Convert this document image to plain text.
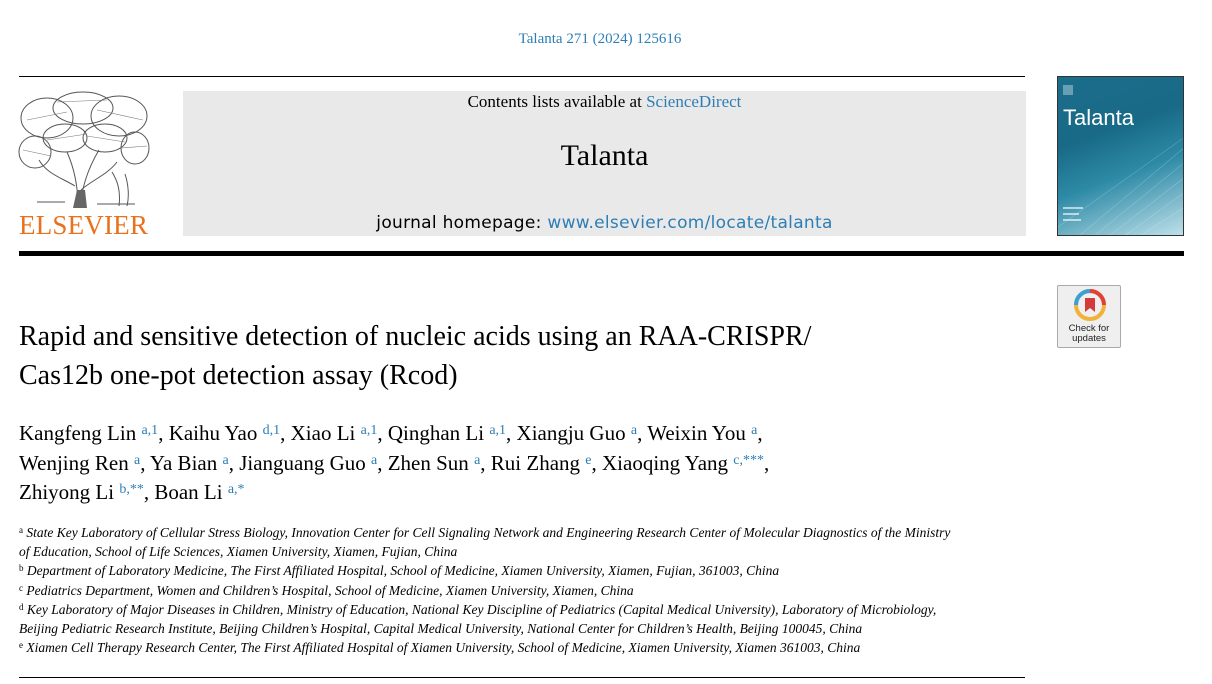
Talanta 271 (2024) 125616
ELSEVIER
Contents lists available at ScienceDirect
Talanta
journal homepage: www.elsevier.com/locate/talanta
Talanta
Check for
updates
Rapid and sensitive detection of nucleic acids using an RAA-CRISPR/
Cas12b one-pot detection assay (Rcod)
Kangfeng Lin $^{a,1}$, Kaihu Yao $^{d,1}$, Xiao Li $^{a,1}$, Qinghan Li $^{a,1}$, Xiangju Guo $^a$, Weixin You $^a$,
Wenjing Ren $^a$, Ya Bian $^a$, Jianguang Guo $^a$, Zhen Sun $^a$, Rui Zhang $^e$, Xiaoqing Yang $^{c,***}$,
Zhiyong Li $^{b,**}$, Boan Li $^{a,*}$
$^a$ State Key Laboratory of Cellular Stress Biology, Innovation Center for Cell Signaling Network and Engineering Research Center of Molecular Diagnostics of the Ministry
of Education, School of Life Sciences, Xiamen University, Xiamen, Fujian, China
$^b$ Department of Laboratory Medicine, The First Affiliated Hospital, School of Medicine, Xiamen University, Xiamen, Fujian, 361003, China
$^c$ Pediatrics Department, Women and Children’s Hospital, School of Medicine, Xiamen University, Xiamen, China
$^d$ Key Laboratory of Major Diseases in Children, Ministry of Education, National Key Discipline of Pediatrics (Capital Medical University), Laboratory of Microbiology,
Beijing Pediatric Research Institute, Beijing Children’s Hospital, Capital Medical University, National Center for Children’s Health, Beijing 100045, China
$^e$ Xiamen Cell Therapy Research Center, The First Affiliated Hospital of Xiamen University, School of Medicine, Xiamen University, Xiamen 361003, China
